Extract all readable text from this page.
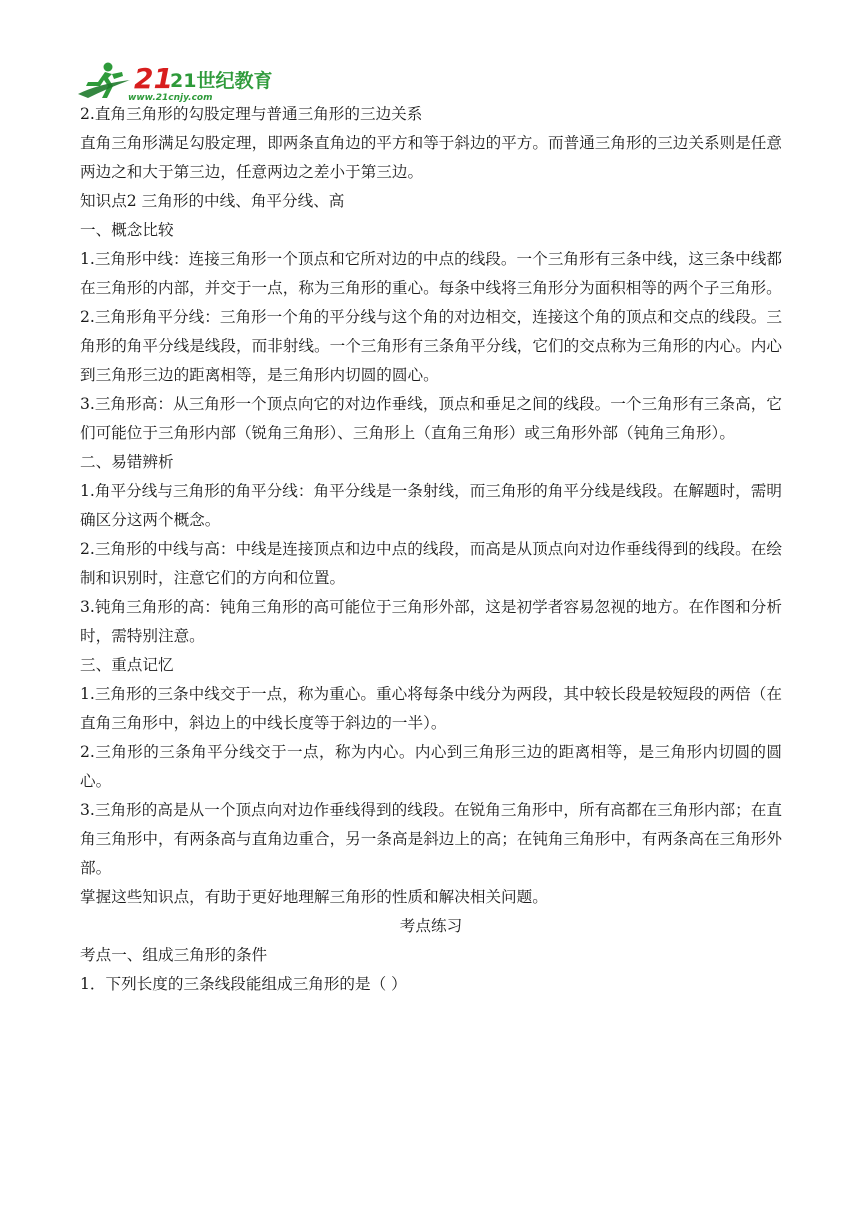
21
21世纪教育
www.21cnjy.com

2.直角三角形的勾股定理与普通三角形的三边关系

直角三角形满足勾股定理，即两条直角边的平方和等于斜边的平方。而普通三角形的三边关系则是任意两边之和大于第三边，任意两边之差小于第三边。

知识点2 三角形的中线、角平分线、高

一、概念比较

1.三角形中线：连接三角形一个顶点和它所对边的中点的线段。一个三角形有三条中线，这三条中线都在三角形的内部，并交于一点，称为三角形的重心。每条中线将三角形分为面积相等的两个子三角形。

2.三角形角平分线：三角形一个角的平分线与这个角的对边相交，连接这个角的顶点和交点的线段。三角形的角平分线是线段，而非射线。一个三角形有三条角平分线，它们的交点称为三角形的内心。内心到三角形三边的距离相等，是三角形内切圆的圆心。

3.三角形高：从三角形一个顶点向它的对边作垂线，顶点和垂足之间的线段。一个三角形有三条高，它们可能位于三角形内部（锐角三角形）、三角形上（直角三角形）或三角形外部（钝角三角形）。

二、易错辨析

1.角平分线与三角形的角平分线：角平分线是一条射线，而三角形的角平分线是线段。在解题时，需明确区分这两个概念。

2.三角形的中线与高：中线是连接顶点和边中点的线段，而高是从顶点向对边作垂线得到的线段。在绘制和识别时，注意它们的方向和位置。

3.钝角三角形的高：钝角三角形的高可能位于三角形外部，这是初学者容易忽视的地方。在作图和分析时，需特别注意。

三、重点记忆

1.三角形的三条中线交于一点，称为重心。重心将每条中线分为两段，其中较长段是较短段的两倍（在直角三角形中，斜边上的中线长度等于斜边的一半）。

2.三角形的三条角平分线交于一点，称为内心。内心到三角形三边的距离相等，是三角形内切圆的圆心。

3.三角形的高是从一个顶点向对边作垂线得到的线段。在锐角三角形中，所有高都在三角形内部；在直角三角形中，有两条高与直角边重合，另一条高是斜边上的高；在钝角三角形中，有两条高在三角形外部。

掌握这些知识点，有助于更好地理解三角形的性质和解决相关问题。

考点练习

考点一、组成三角形的条件

1．下列长度的三条线段能组成三角形的是（ ）
